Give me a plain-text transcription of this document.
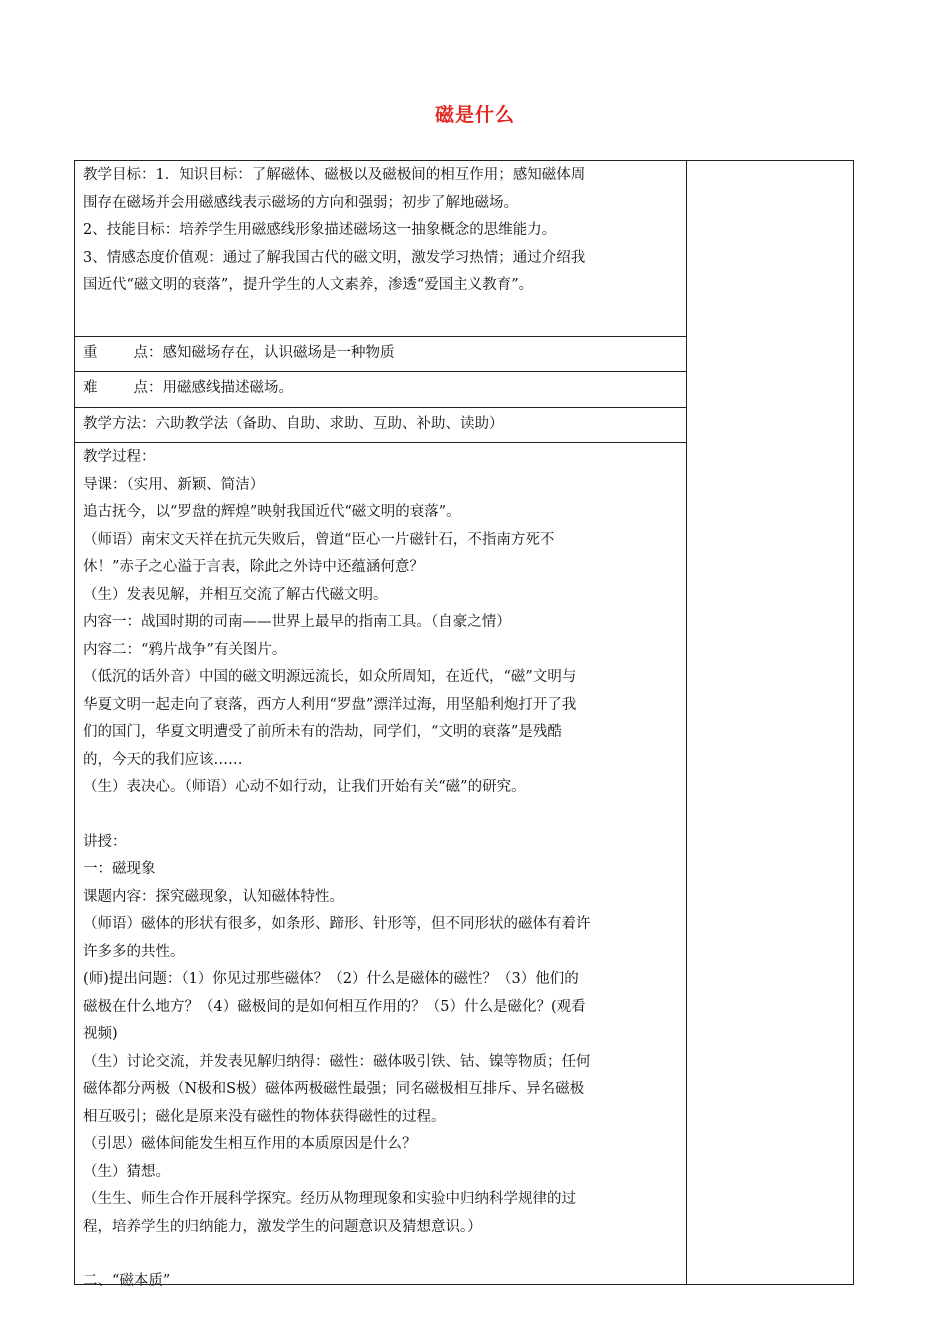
磁是什么
教学目标：1．知识目标：了解磁体、磁极以及磁极间的相互作用；感知磁体周
围存在磁场并会用磁感线表示磁场的方向和强弱；初步了解地磁场。
2、技能目标：培养学生用磁感线形象描述磁场这一抽象概念的思维能力。
3、情感态度价值观：通过了解我国古代的磁文明，激发学习热情；通过介绍我
国近代“磁文明的衰落”，提升学生的人文素养，渗透“爱国主义教育”。
重 点：感知磁场存在，认识磁场是一种物质
难 点：用磁感线描述磁场。
教学方法：六助教学法（备助、自助、求助、互助、补助、读助）
教学过程：
导课：（实用、新颖、简洁）
追古抚今，以“罗盘的辉煌”映射我国近代“磁文明的衰落”。
（师语）南宋文天祥在抗元失败后，曾道“臣心一片磁针石，不指南方死不
休！”赤子之心溢于言表，除此之外诗中还蕴涵何意？
（生）发表见解，并相互交流了解古代磁文明。
内容一：战国时期的司南——世界上最早的指南工具。（自豪之情）
内容二：“鸦片战争”有关图片。
（低沉的话外音）中国的磁文明源远流长，如众所周知，在近代，“磁”文明与
华夏文明一起走向了衰落，西方人利用“罗盘”漂洋过海，用坚船利炮打开了我
们的国门，华夏文明遭受了前所未有的浩劫，同学们，“文明的衰落”是残酷
的，今天的我们应该……
（生）表决心。（师语）心动不如行动，让我们开始有关“磁”的研究。
讲授：
一：磁现象
课题内容：探究磁现象，认知磁体特性。
（师语）磁体的形状有很多，如条形、蹄形、针形等，但不同形状的磁体有着许
许多多的共性。
(师)提出问题：（1）你见过那些磁体？（2）什么是磁体的磁性？（3）他们的
磁极在什么地方？（4）磁极间的是如何相互作用的？（5）什么是磁化？(观看
视频)
（生）讨论交流，并发表见解归纳得：磁性：磁体吸引铁、钴、镍等物质；任何
磁体都分两极（N极和S极）磁体两极磁性最强；同名磁极相互排斥、异名磁极
相互吸引；磁化是原来没有磁性的物体获得磁性的过程。
（引思）磁体间能发生相互作用的本质原因是什么？
（生）猜想。
（生生、师生合作开展科学探究。经历从物理现象和实验中归纳科学规律的过
程，培养学生的归纳能力，激发学生的问题意识及猜想意识。）
二、“磁本质”
